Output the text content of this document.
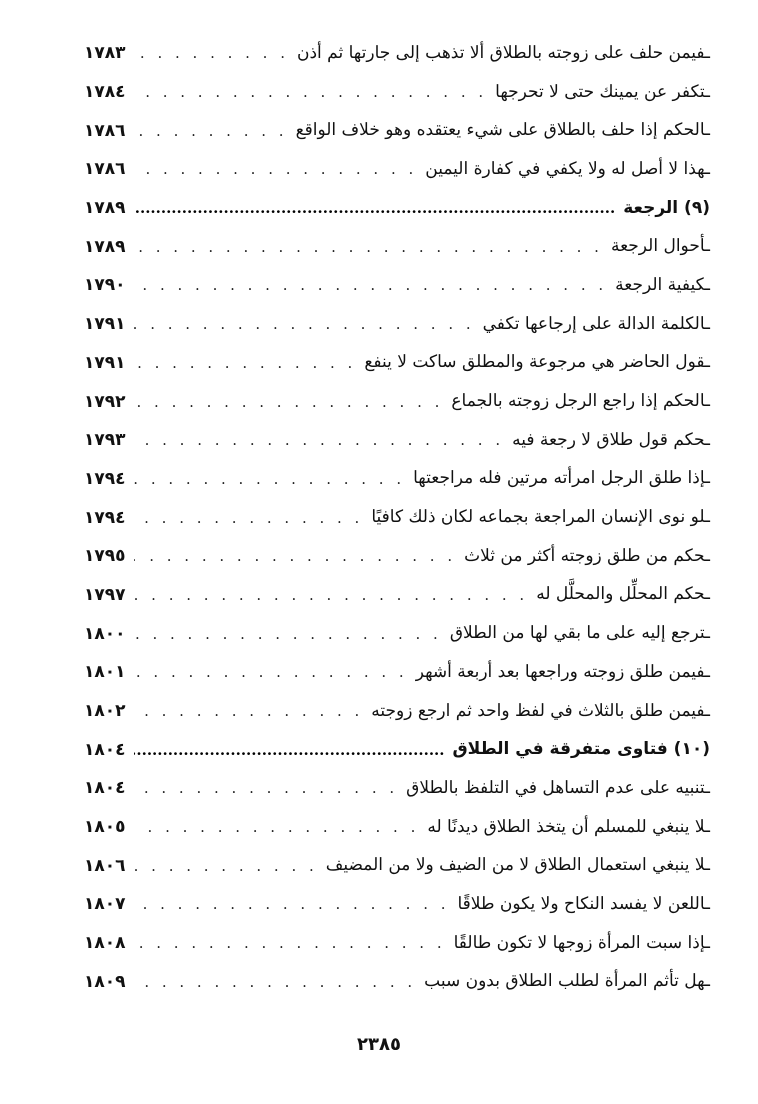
ـفيمن حلف على زوجته بالطلاق ألا تذهب إلى جارتها ثم أذن
. . .
١٧٨٣
ـتكفر عن يمينك حتى لا تحرجها
. . .
١٧٨٤
ـالحكم إذا حلف بالطلاق على شيء يعتقده وهو خلاف الواقع
. . .
١٧٨٦
ـهذا لا أصل له ولا يكفي في كفارة اليمين
. . .
١٧٨٦
(٩) الرجعة
.....
١٧٨٩
ـأحوال الرجعة
. . .
١٧٨٩
ـكيفية الرجعة
. . .
١٧٩٠
ـالكلمة الدالة على إرجاعها تكفي
. . .
١٧٩١
ـقول الحاضر هي مرجوعة والمطلق ساكت لا ينفع
. . .
١٧٩١
ـالحكم إذا راجع الرجل زوجته بالجماع
. . .
١٧٩٢
ـحكم قول طلاق لا رجعة فيه
. . .
١٧٩٣
ـإذا طلق الرجل امرأته مرتين فله مراجعتها
. . .
١٧٩٤
ـلو نوى الإنسان المراجعة بجماعه لكان ذلك كافيًا
. . .
١٧٩٤
ـحكم من طلق زوجته أكثر من ثلاث
. . .
١٧٩٥
ـحكم المحلِّل والمحلَّل له
. . .
١٧٩٧
ـترجع إليه على ما بقي لها من الطلاق
. . .
١٨٠٠
ـفيمن طلق زوجته وراجعها بعد أربعة أشهر
. . .
١٨٠١
ـفيمن طلق بالثلاث في لفظ واحد ثم ارجع زوجته
. . .
١٨٠٢
(١٠) فتاوى متفرقة في الطلاق
.....
١٨٠٤
ـتنبيه على عدم التساهل في التلفظ بالطلاق
. . .
١٨٠٤
ـلا ينبغي للمسلم أن يتخذ الطلاق ديدنًا له
. . .
١٨٠٥
ـلا ينبغي استعمال الطلاق لا من الضيف ولا من المضيف
. . .
١٨٠٦
ـاللعن لا يفسد النكاح ولا يكون طلاقًا
. . .
١٨٠٧
ـإذا سبت المرأة زوجها لا تكون طالقًا
. . .
١٨٠٨
ـهل تأثم المرأة لطلب الطلاق بدون سبب
. . .
١٨٠٩
٢٣٨٥
